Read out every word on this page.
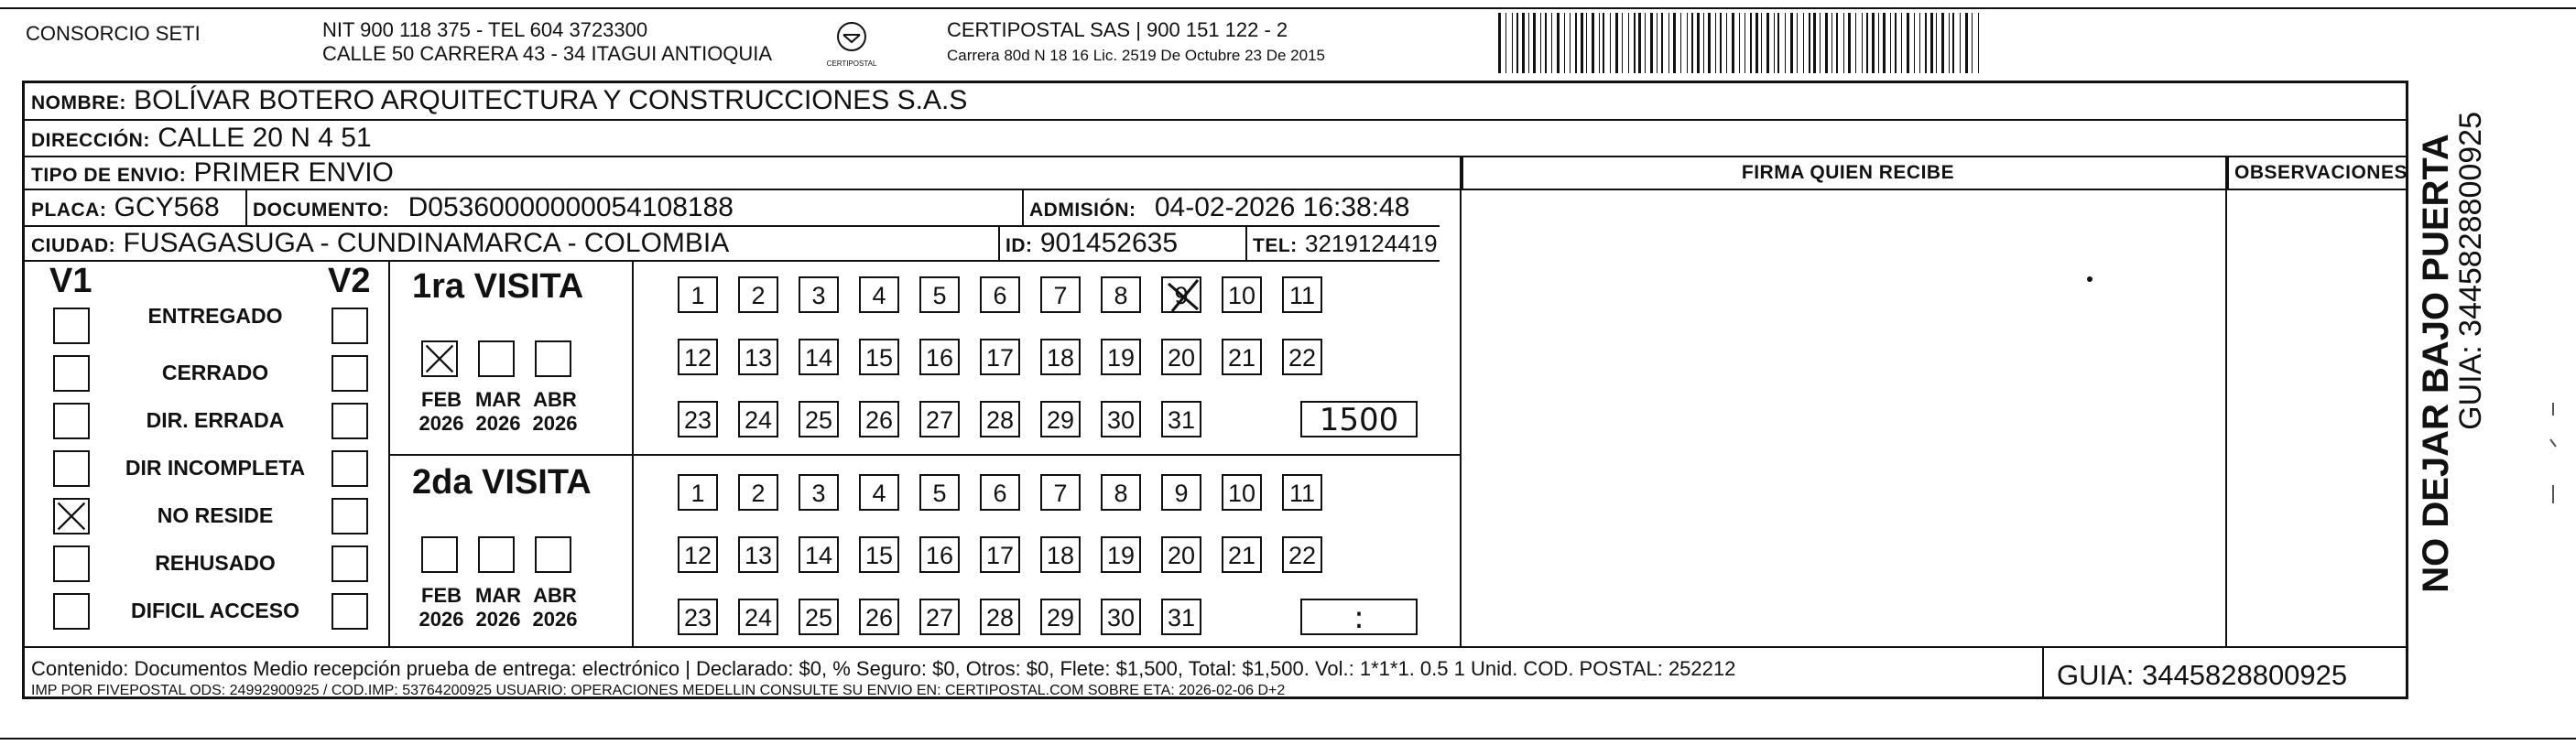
CONSORCIO SETI	NIT 900 118 375 - TEL 604 3723300
CALLE 50 CARRERA 43 - 34 ITAGUI ANTIOQUIA	CERTIPOSTAL
CERTIPOSTAL SAS | 900 151 122 - 2
Carrera 80d N 18 16 Lic. 2519 De Octubre 23 De 2015
NOMBRE: BOLÍVAR BOTERO ARQUITECTURA Y CONSTRUCCIONES S.A.S
DIRECCIÓN: CALLE 20 N 4 51
TIPO DE ENVIO: PRIMER ENVIO	FIRMA QUIEN RECIBE	OBSERVACIONES
PLACA: GCY568	DOCUMENTO: D05360000000054108188	ADMISIÓN: 04-02-2026 16:38:48
CIUDAD: FUSAGASUGA - CUNDINAMARCA - COLOMBIA	ID: 901452635	TEL: 3219124419
V1	V2
ENTREGADO
CERRADO
DIR. ERRADA
DIR INCOMPLETA
NO RESIDE
REHUSADO
DIFICIL ACCESO
1ra VISITA
2da VISITA
FEB
2026
MAR
2026
ABR
2026
FEB
2026
MAR
2026
ABR
2026
1	2	3	4	5	6	7	8	9	10 11
12 13 14 15 16 17 18 19 20 21 22
23 24 25 26 27 28 29 30 31	1500
1	2	3	4	5	6	7	8	9	10 11
12 13 14 15 16 17 18 19 20 21 22
23 24 25 26 27 28 29 30 31	:
NO DEJAR BAJO PUERTA
GUIA: 3445828800925
Contenido: Documentos Medio recepción prueba de entrega: electrónico | Declarado: $0, % Seguro: $0, Otros: $0, Flete: $1,500, Total: $1,500. Vol.: 1*1*1. 0.5 1 Unid. COD. POSTAL: 252212
IMP POR FIVEPOSTAL ODS: 24992900925 / COD.IMP: 53764200925 USUARIO: OPERACIONES MEDELLIN CONSULTE SU ENVIO EN: CERTIPOSTAL.COM SOBRE ETA: 2026-02-06 D+2	GUIA: 3445828800925
